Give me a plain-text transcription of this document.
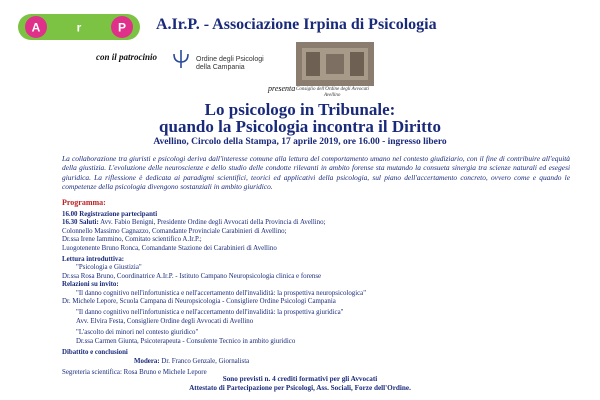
A	r	P A.Ir.P. - Associazione Irpina di Psicologia
con il patrocinio	Ordine degli Psicologi
della Campania
Consiglio dell'Ordine degli Avvocati
Avellino
presenta
Lo psicologo in Tribunale:
quando la Psicologia incontra il Diritto
Avellino, Circolo della Stampa, 17 aprile 2019, ore 16.00 - ingresso libero
La collaborazione tra giuristi e psicologi deriva dall'interesse comune alla lettura del comportamento umano nel contesto giudiziario, con il fine di contribuire all'equità della giustizia. L'evoluzione delle neuroscienze e dello studio delle condotte rilevanti in ambito forense sta mutando la consueta sinergia tra scienze naturali ed esegesi giuridica. La riflessione è dedicata ai paradigmi scientifici, teorici ed applicativi della psicologia, sul piano dell'accertamento concreto, ovvero come e quando le competenze della psicologia divengono sostanziali in ambito giuridico.
Programma:
16.00 Registrazione partecipanti
16.30 Saluti: Avv. Fabio Benigni, Presidente Ordine degli Avvocati della Provincia di Avellino;
Colonnello Massimo Cagnazzo, Comandante Provinciale Carabinieri di Avellino;
Dr.ssa Irene Iammino, Comitato scientifico A.Ir.P.;
Luogotenente Bruno Ronca, Comandante Stazione dei Carabinieri di Avellino
Lettura introduttiva:
"Psicologia e Giustizia"
Dr.ssa Rosa Bruno, Coordinatrice A.Ir.P. - Istituto Campano Neuropsicologia clinica e forense
Relazioni su invito:
"Il danno cognitivo nell'infortunistica e nell'accertamento dell'invalidità: la prospettiva neuropsicologica"
Dr. Michele Lepore, Scuola Campana di Neuropsicologia - Consigliere Ordine Psicologi Campania
"Il danno cognitivo nell'infortunistica e nell'accertamento dell'invalidità: la prospettiva giuridica"
Avv. Elvira Festa, Consigliere Ordine degli Avvocati di Avellino
"L'ascolto dei minori nel contesto giuridico"
Dr.ssa Carmen Giunta, Psicoterapeuta - Consulente Tecnico in ambito giuridico
Dibattito e conclusioni
Modera: Dr. Franco Genzale, Giornalista
Segreteria scientifica: Rosa Bruno e Michele Lepore
Sono previsti n. 4 crediti formativi per gli Avvocati
Attestato di Partecipazione per Psicologi, Ass. Sociali, Forze dell'Ordine.
